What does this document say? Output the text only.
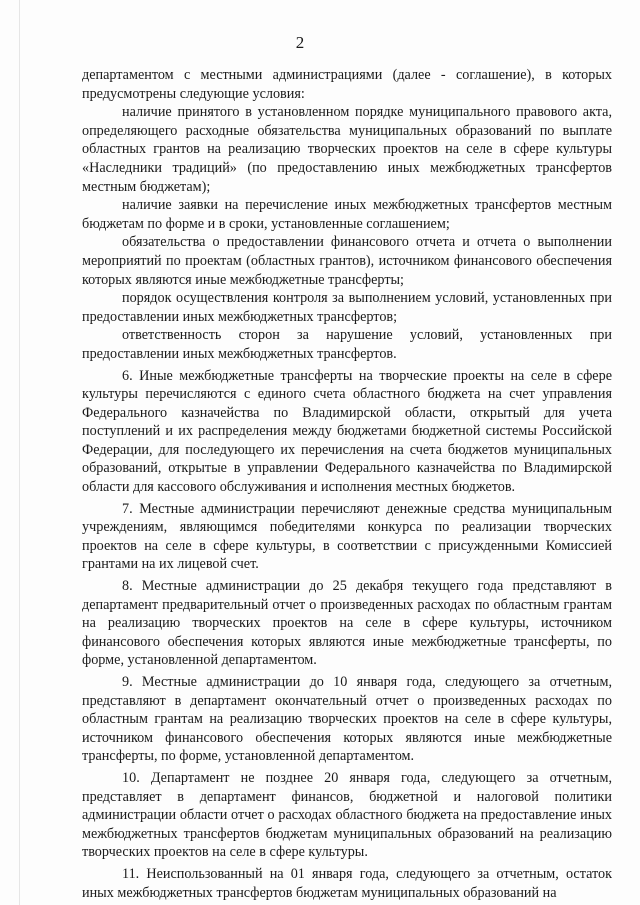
2

департаментом с местными администрациями (далее - соглашение), в которых предусмотрены следующие условия:

наличие принятого в установленном порядке муниципального правового акта, определяющего расходные обязательства муниципальных образований по выплате областных грантов на реализацию творческих проектов на селе в сфере культуры «Наследники традиций» (по предоставлению иных межбюджетных трансфертов местным бюджетам);

наличие заявки на перечисление иных межбюджетных трансфертов местным бюджетам по форме и в сроки, установленные соглашением;

обязательства о предоставлении финансового отчета и отчета о выполнении мероприятий по проектам (областных грантов), источником финансового обеспечения которых являются иные межбюджетные трансферты;

порядок осуществления контроля за выполнением условий, установленных при предоставлении иных межбюджетных трансфертов;

ответственность сторон за нарушение условий, установленных при предоставлении иных межбюджетных трансфертов.

6. Иные межбюджетные трансферты на творческие проекты на селе в сфере культуры перечисляются с единого счета областного бюджета на счет управления Федерального казначейства по Владимирской области, открытый для учета поступлений и их распределения между бюджетами бюджетной системы Российской Федерации, для последующего их перечисления на счета бюджетов муниципальных образований, открытые в управлении Федерального казначейства по Владимирской области для кассового обслуживания и исполнения местных бюджетов.

7. Местные администрации перечисляют денежные средства муниципальным учреждениям, являющимся победителями конкурса по реализации творческих проектов на селе в сфере культуры, в соответствии с присужденными Комиссией грантами на их лицевой счет.

8. Местные администрации до 25 декабря текущего года представляют в департамент предварительный отчет о произведенных расходах по областным грантам на реализацию творческих проектов на селе в сфере культуры, источником финансового обеспечения которых являются иные межбюджетные трансферты, по форме, установленной департаментом.

9. Местные администрации до 10 января года, следующего за отчетным, представляют в департамент окончательный отчет о произведенных расходах по областным грантам на реализацию творческих проектов на селе в сфере культуры, источником финансового обеспечения которых являются иные межбюджетные трансферты, по форме, установленной департаментом.

10. Департамент не позднее 20 января года, следующего за отчетным, представляет в департамент финансов, бюджетной и налоговой политики администрации области отчет о расходах областного бюджета на предоставление иных межбюджетных трансфертов бюджетам муниципальных образований на реализацию творческих проектов на селе в сфере культуры.

11. Неиспользованный на 01 января года, следующего за отчетным, остаток иных межбюджетных трансфертов бюджетам муниципальных образований на
